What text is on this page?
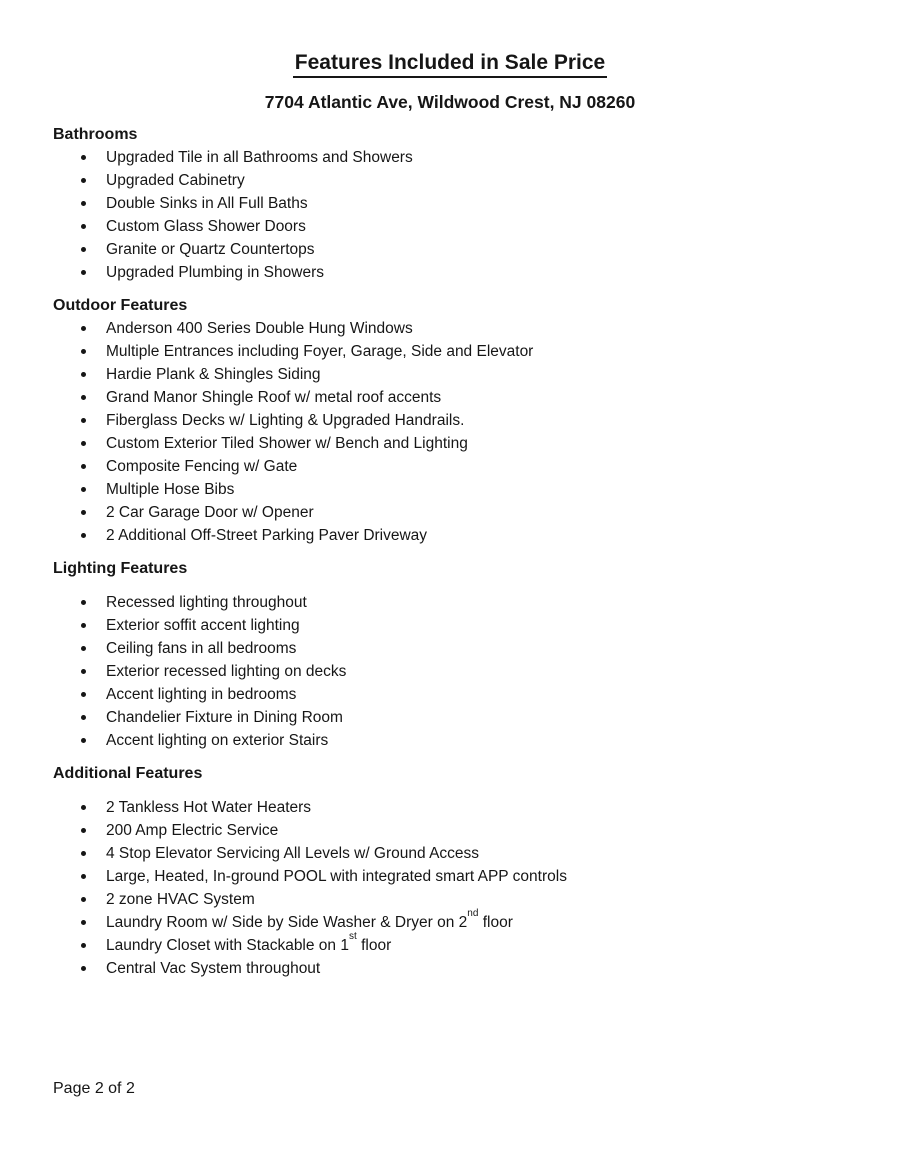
Features Included in Sale Price
7704 Atlantic Ave, Wildwood Crest, NJ 08260
Bathrooms
Upgraded Tile in all Bathrooms and Showers
Upgraded Cabinetry
Double Sinks in All Full Baths
Custom Glass Shower Doors
Granite or Quartz Countertops
Upgraded Plumbing in Showers
Outdoor Features
Anderson 400 Series Double Hung Windows
Multiple Entrances including Foyer, Garage, Side and Elevator
Hardie Plank & Shingles Siding
Grand Manor Shingle Roof w/ metal roof accents
Fiberglass Decks w/ Lighting & Upgraded Handrails.
Custom Exterior Tiled Shower w/ Bench and Lighting
Composite Fencing w/ Gate
Multiple Hose Bibs
2 Car Garage Door w/ Opener
2 Additional Off-Street Parking Paver Driveway
Lighting Features
Recessed lighting throughout
Exterior soffit accent lighting
Ceiling fans in all bedrooms
Exterior recessed lighting on decks
Accent lighting in bedrooms
Chandelier Fixture in Dining Room
Accent lighting on exterior Stairs
Additional Features
2 Tankless Hot Water Heaters
200 Amp Electric Service
4 Stop Elevator Servicing All Levels w/ Ground Access
Large, Heated, In-ground POOL with integrated smart APP controls
2 zone HVAC System
Laundry Room w/ Side by Side Washer & Dryer on 2nd floor
Laundry Closet with Stackable on 1st floor
Central Vac System throughout
Page 2 of 2
